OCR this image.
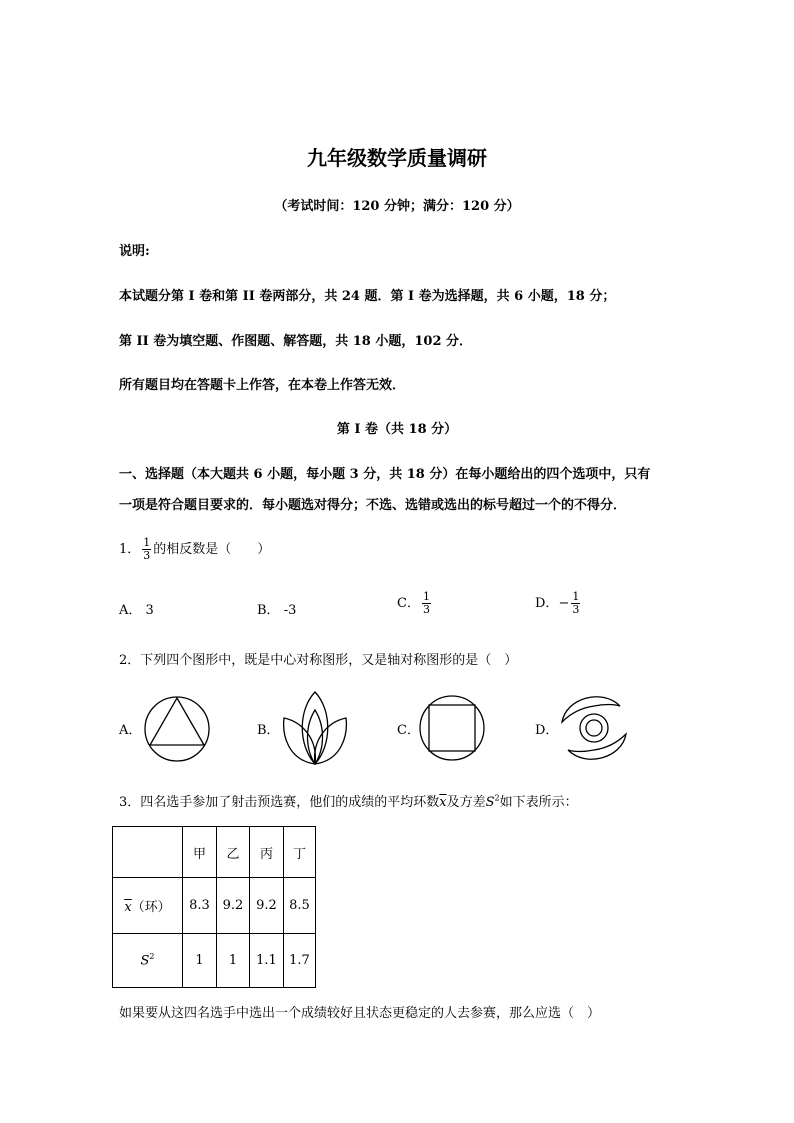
九年级数学质量调研
（考试时间：120 分钟；满分：120 分）
说明:
本试题分第 I 卷和第 II 卷两部分，共 24 题．第 I 卷为选择题，共 6 小题，18 分；
第 II 卷为填空题、作图题、解答题，共 18 小题，102 分．
所有题目均在答题卡上作答，在本卷上作答无效．
第 I 卷（共 18 分）
一、选择题（本大题共 6 小题，每小题 3 分，共 18 分）在每小题给出的四个选项中，只有
一项是符合题目要求的．每小题选对得分；不选、选错或选出的标号超过一个的不得分．
1． $\frac{1}{3}$ 的相反数是（　　）
A． 3	B． -3	C． $\frac{1}{3}$	D．− $\frac{1}{3}$
2．下列四个图形中，既是中心对称图形，又是轴对称图形的是（　）
A．	B．	C．	D．
3．四名选手参加了射击预选赛，他们的成绩的平均环数$\overline{x}$及方差$S^2$如下表所示：
	甲	乙	丙	丁
$\overline{x}$（环）	8.3	9.2	9.2	8.5
$S^2$	1	1	1.1	1.7
如果要从这四名选手中选出一个成绩较好且状态更稳定的人去参赛，那么应选（　）
